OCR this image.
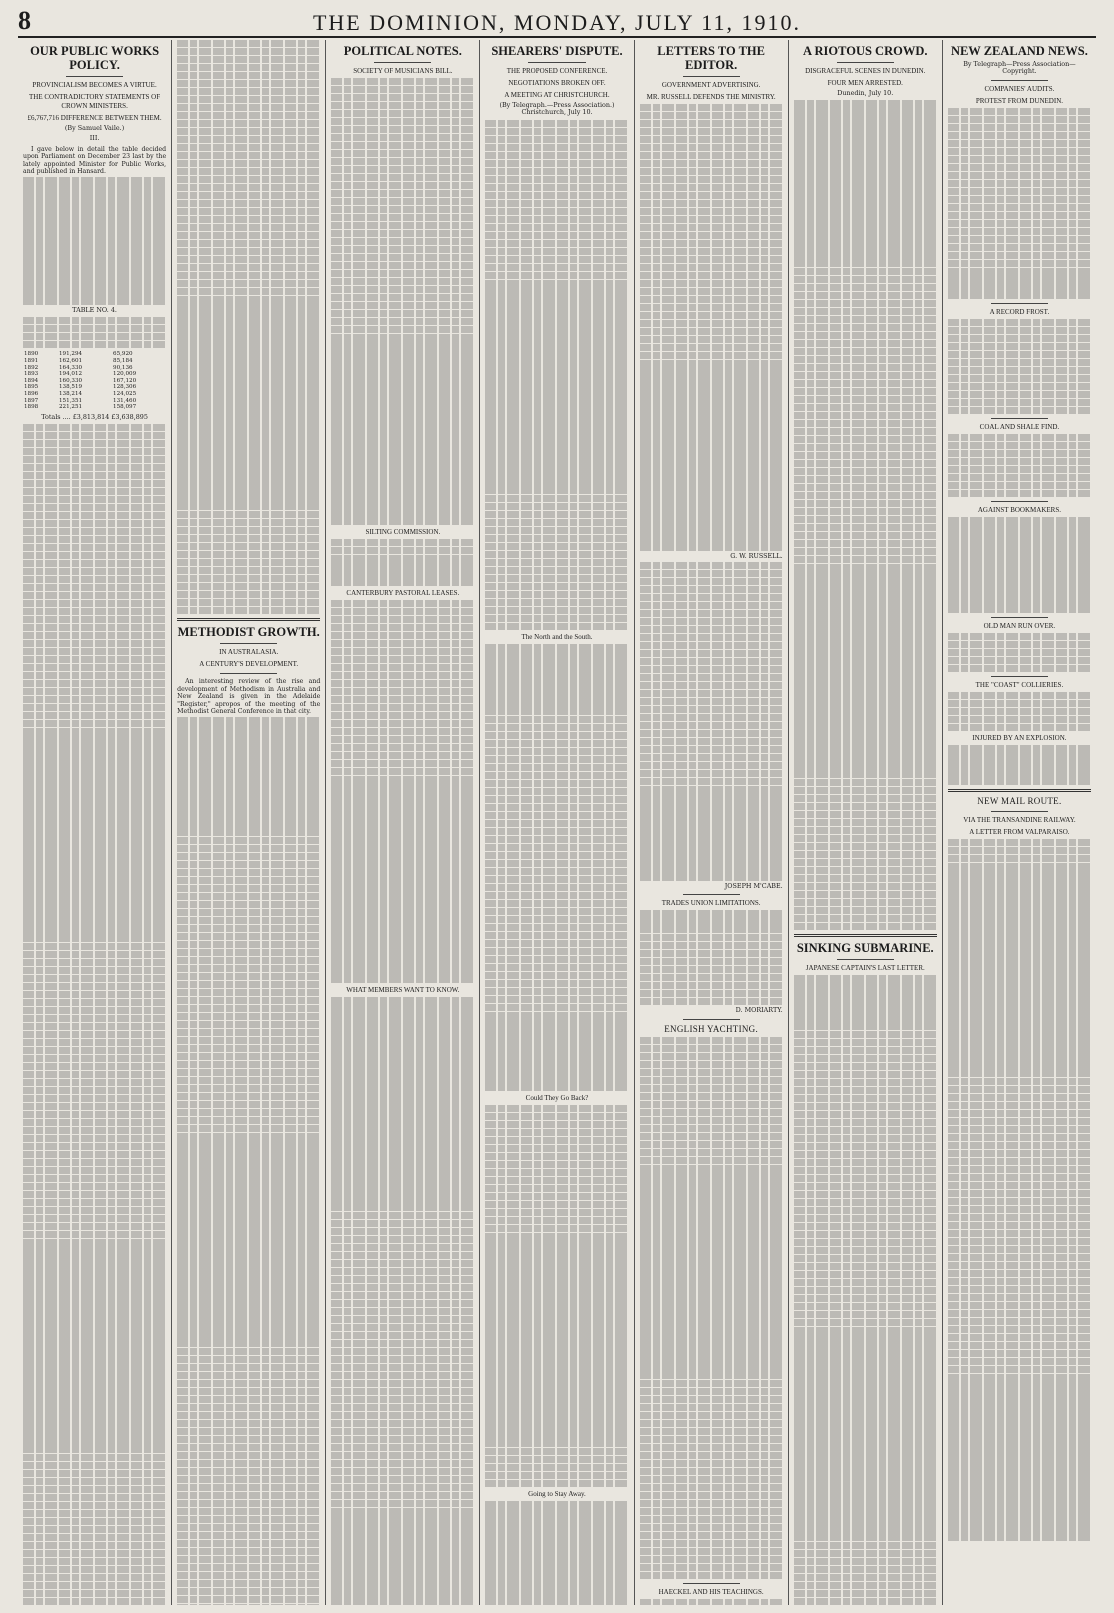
8	THE DOMINION, MONDAY, JULY 11, 1910.
OUR PUBLIC WORKS POLICY.
PROVINCIALISM BECOMES A VIRTUE.
THE CONTRADICTORY STATEMENTS OF CROWN MINISTERS.
£6,767,716 DIFFERENCE BETWEEN THEM.
(By Samuel Vaile.)
III.

I gave below in detail the table decided upon Parliament on December 23 last by the lately appointed Minister for Public Works, and published in Hansard.

TABLE NO. 4.
1890	191,294	65,920
1891	162,601	85,184
1892	164,330	90,136
1893	194,012	120,009
1894	160,330	167,120
1895	138,519	128,306
1896	138,214	124,025
1897	151,351	131,460
1898	221,251	158,097
Totals .... £3,813,814 £3,638,895
METHODIST GROWTH.
IN AUSTRALASIA.
A CENTURY'S DEVELOPMENT.

An interesting review of the rise and development of Methodism in Australia and New Zealand is given in the Adelaide "Register," apropos of the meeting of the Methodist General Conference in that city.

POLITICAL NOTES.
SOCIETY OF MUSICIANS BILL.
SILTING COMMISSION.
CANTERBURY PASTORAL LEASES.
WHAT MEMBERS WANT TO KNOW.
SHEARERS' DISPUTE.
THE PROPOSED CONFERENCE.
NEGOTIATIONS BROKEN OFF.
A MEETING AT CHRISTCHURCH.
(By Telegraph.—Press Association.) Christchurch, July 10.
The North and the South.
Could They Go Back?
Going to Stay Away.
LETTERS TO THE EDITOR.
GOVERNMENT ADVERTISING.
MR. RUSSELL DEFENDS THE MINISTRY.
G. W. RUSSELL.
JOSEPH M'CABE.
TRADES UNION LIMITATIONS.
D. MORIARTY.
ENGLISH YACHTING.
HAECKEL AND HIS TEACHINGS.
A RIOTOUS CROWD.
DISGRACEFUL SCENES IN DUNEDIN.
FOUR MEN ARRESTED.
Dunedin, July 10.
SINKING SUBMARINE.
JAPANESE CAPTAIN'S LAST LETTER.
NEW ZEALAND NEWS.
By Telegraph—Press Association—Copyright.
COMPANIES' AUDITS.
PROTEST FROM DUNEDIN.
A RECORD FROST.
COAL AND SHALE FIND.
AGAINST BOOKMAKERS.
OLD MAN RUN OVER.
THE "COAST" COLLIERIES.
INJURED BY AN EXPLOSION.
NEW MAIL ROUTE.
VIA THE TRANSANDINE RAILWAY.
A LETTER FROM VALPARAISO.
